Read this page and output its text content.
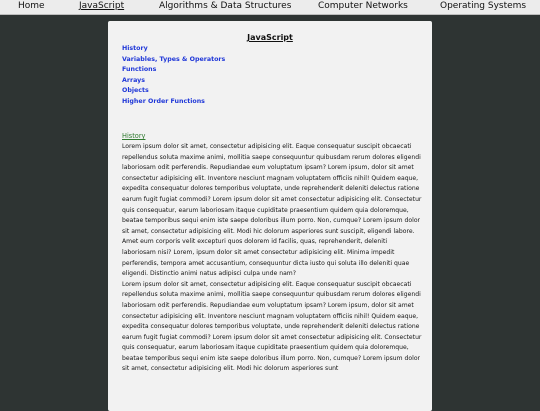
Home	JavaScript	Algorithms & Data Structures	Computer Networks	Operating Systems
JavaScript
History
Variables, Types & Operators
Functions
Arrays
Objects
Higher Order Functions
History
Lorem ipsum dolor sit amet, consectetur adipisicing elit. Eaque consequatur suscipit obcaecati repellendus soluta maxime animi, mollitia saepe consequuntur quibusdam rerum dolores eligendi laboriosam odit perferendis. Repudiandae eum voluptatum ipsam? Lorem ipsum, dolor sit amet consectetur adipisicing elit. Inventore nesciunt magnam voluptatem officiis nihil! Quidem eaque, expedita consequatur dolores temporibus voluptate, unde reprehenderit deleniti delectus ratione earum fugit fugiat commodi? Lorem ipsum dolor sit amet consectetur adipisicing elit. Consectetur quis consequatur, earum laboriosam itaque cupiditate praesentium quidem quia doloremque, beatae temporibus sequi enim iste saepe doloribus illum porro. Non, cumque? Lorem ipsum dolor sit amet, consectetur adipisicing elit. Modi hic dolorum asperiores sunt suscipit, eligendi labore. Amet eum corporis velit excepturi quos dolorem id facilis, quas, reprehenderit, deleniti laboriosam nisi? Lorem, ipsum dolor sit amet consectetur adipisicing elit. Minima impedit perferendis, tempora amet accusantium, consequuntur dicta iusto qui soluta illo deleniti quae eligendi. Distinctio animi natus adipisci culpa unde nam?
Lorem ipsum dolor sit amet, consectetur adipisicing elit. Eaque consequatur suscipit obcaecati repellendus soluta maxime animi, mollitia saepe consequuntur quibusdam rerum dolores eligendi laboriosam odit perferendis. Repudiandae eum voluptatum ipsam? Lorem ipsum, dolor sit amet consectetur adipisicing elit. Inventore nesciunt magnam voluptatem officiis nihil! Quidem eaque, expedita consequatur dolores temporibus voluptate, unde reprehenderit deleniti delectus ratione earum fugit fugiat commodi? Lorem ipsum dolor sit amet consectetur adipisicing elit. Consectetur quis consequatur, earum laboriosam itaque cupiditate praesentium quidem quia doloremque, beatae temporibus sequi enim iste saepe doloribus illum porro. Non, cumque? Lorem ipsum dolor sit amet, consectetur adipisicing elit. Modi hic dolorum asperiores sunt
